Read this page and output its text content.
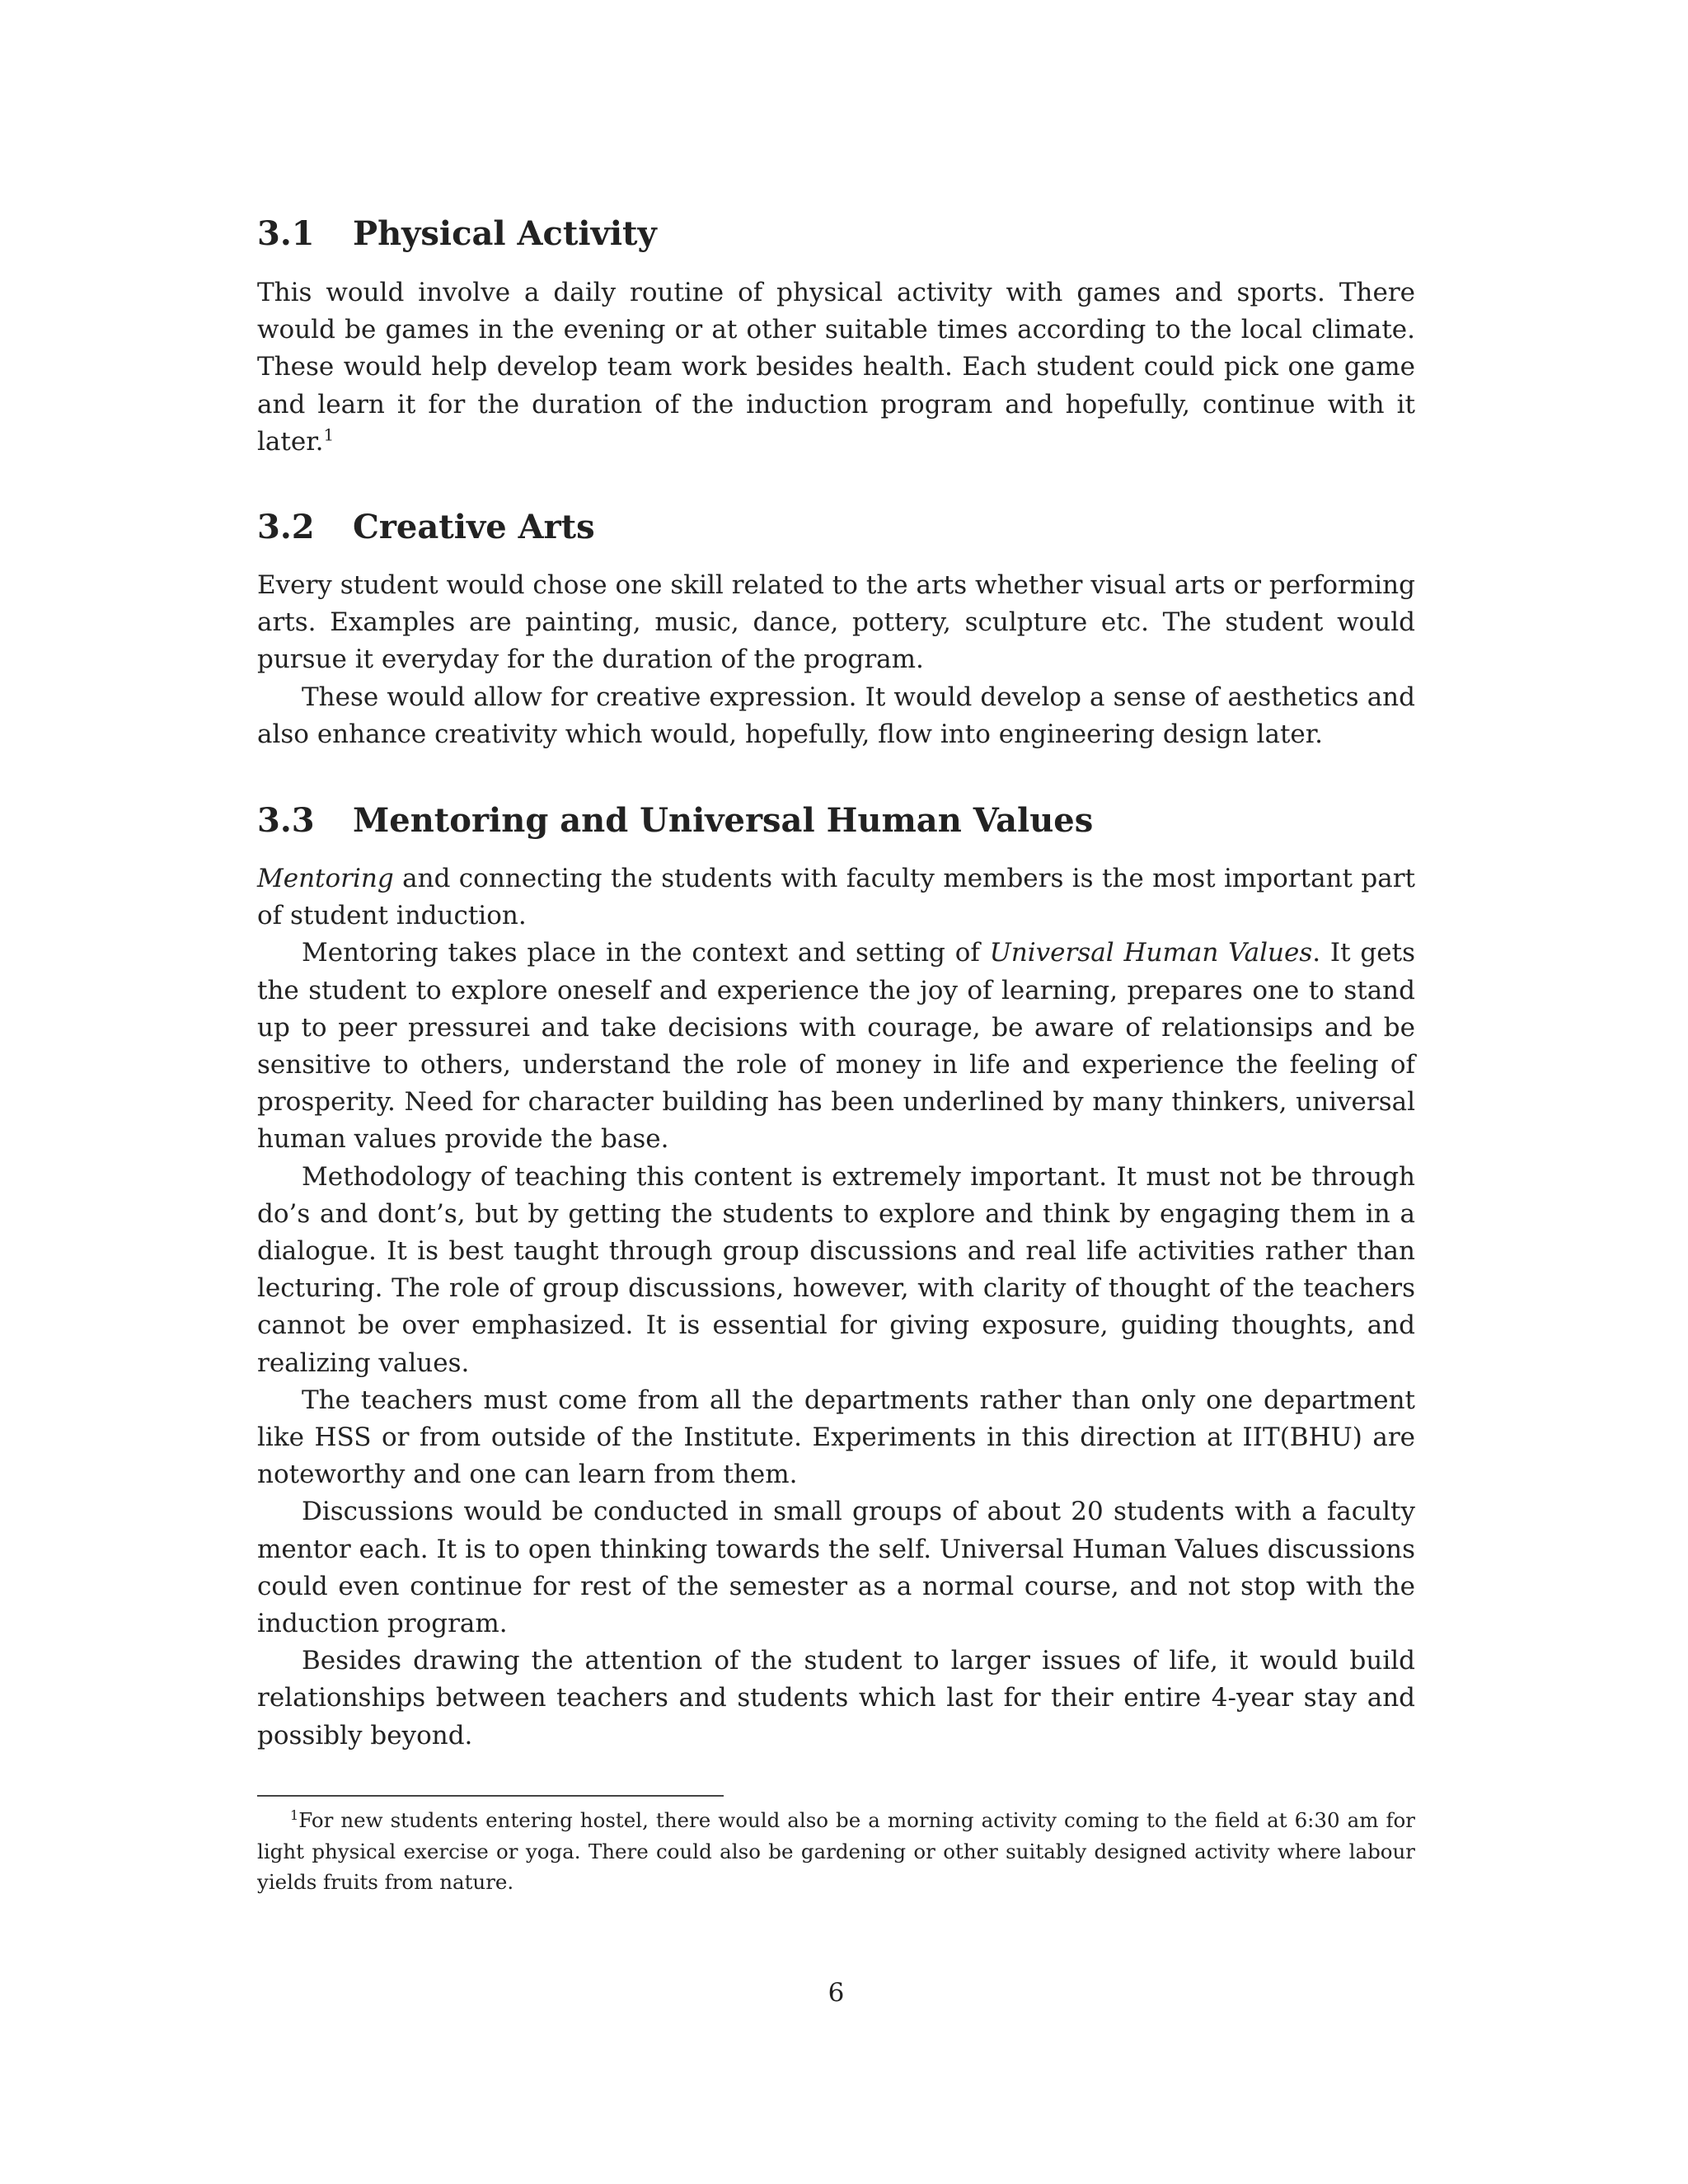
3.1 Physical Activity

This would involve a daily routine of physical activity with games and sports. There would be games in the evening or at other suitable times according to the local climate. These would help develop team work besides health. Each student could pick one game and learn it for the duration of the induction program and hopefully, continue with it later.$^1$

3.2 Creative Arts

Every student would chose one skill related to the arts whether visual arts or performing arts. Examples are painting, music, dance, pottery, sculpture etc. The student would pursue it everyday for the duration of the program.

These would allow for creative expression. It would develop a sense of aesthetics and also enhance creativity which would, hopefully, flow into engineering design later.

3.3 Mentoring and Universal Human Values

Mentoring and connecting the students with faculty members is the most important part of student induction.

Mentoring takes place in the context and setting of Universal Human Values. It gets the student to explore oneself and experience the joy of learning, prepares one to stand up to peer pressurei and take decisions with courage, be aware of relationsips and be sensitive to others, understand the role of money in life and experience the feeling of prosperity. Need for character building has been underlined by many thinkers, universal human values provide the base.

Methodology of teaching this content is extremely important. It must not be through do’s and dont’s, but by getting the students to explore and think by engaging them in a dialogue. It is best taught through group discussions and real life activities rather than lecturing. The role of group discussions, however, with clarity of thought of the teachers cannot be over emphasized. It is essential for giving exposure, guiding thoughts, and realizing values.

The teachers must come from all the departments rather than only one department like HSS or from outside of the Institute. Experiments in this direction at IIT(BHU) are noteworthy and one can learn from them.

Discussions would be conducted in small groups of about 20 students with a faculty mentor each. It is to open thinking towards the self. Universal Human Values discussions could even continue for rest of the semester as a normal course, and not stop with the induction program.

Besides drawing the attention of the student to larger issues of life, it would build relationships between teachers and students which last for their entire 4-year stay and possibly beyond.

$^1$For new students entering hostel, there would also be a morning activity coming to the field at 6:30 am for light physical exercise or yoga. There could also be gardening or other suitably designed activity where labour yields fruits from nature.
6
